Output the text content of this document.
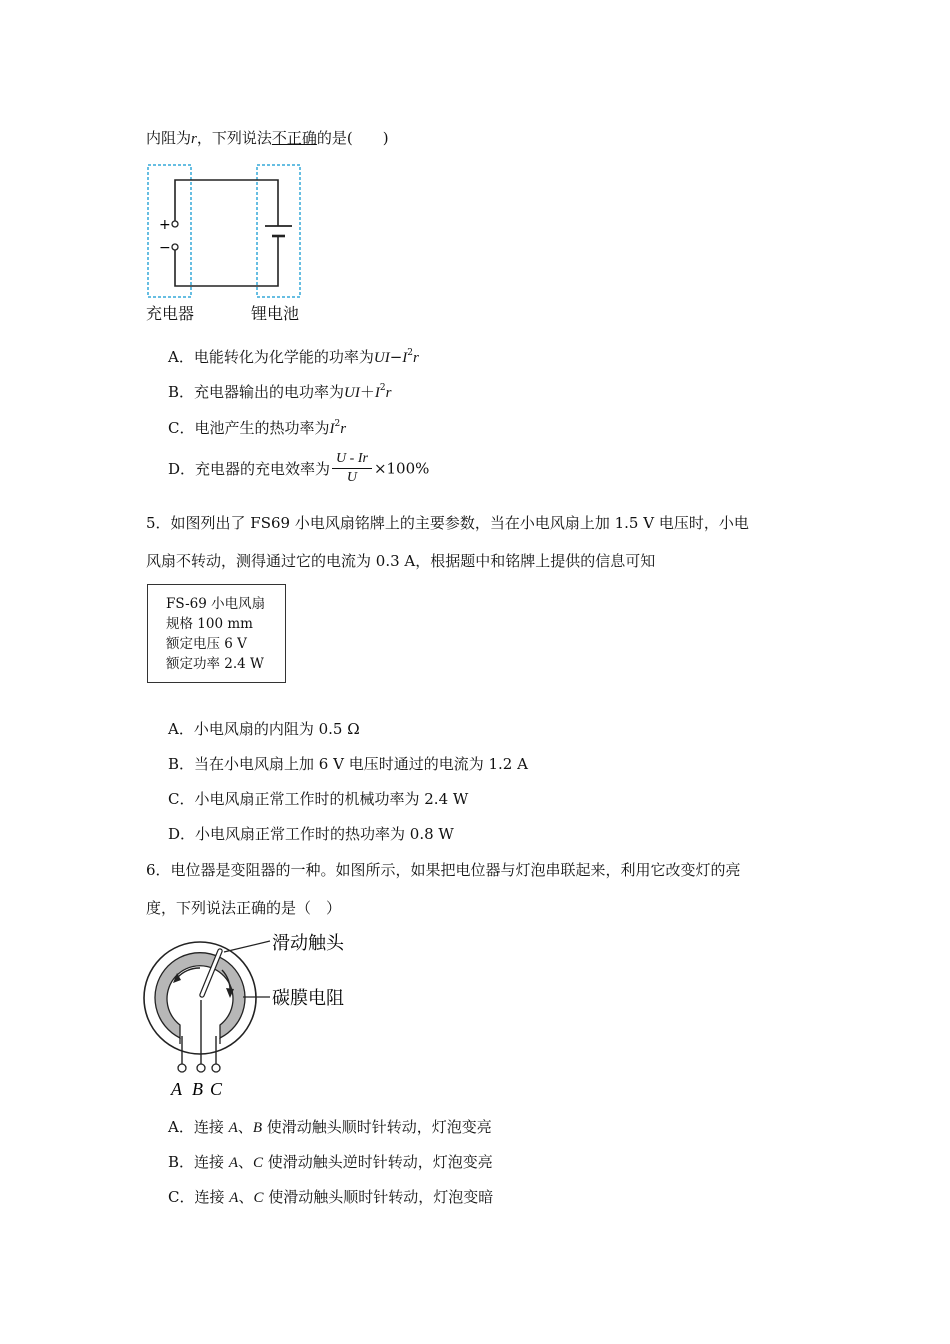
内阻为r，下列说法不正确的是(　　)
+
−
充电器	锂电池
A．电能转化为化学能的功率为$UI-I^2r$
B．充电器输出的电功率为$UI+I^2r$
C．电池产生的热功率为$I^2r$
D．充电器的充电效率为 $\frac{U - Ir}{U} \times 100\%$
5．如图列出了 FS69 小电风扇铭牌上的主要参数，当在小电风扇上加 1.5 V 电压时，小电
风扇不转动，测得通过它的电流为 0.3 A，根据题中和铭牌上提供的信息可知
FS-69 小电风扇
规格 100 mm
额定电压 6 V
额定功率 2.4 W
A．小电风扇的内阻为 0.5 Ω
B．当在小电风扇上加 6 V 电压时通过的电流为 1.2 A
C．小电风扇正常工作时的机械功率为 2.4 W
D．小电风扇正常工作时的热功率为 0.8 W
6．电位器是变阻器的一种。如图所示，如果把电位器与灯泡串联起来，利用它改变灯的亮
度，下列说法正确的是（　）
A B C
滑动触头
碳膜电阻
A．连接 A、B 使滑动触头顺时针转动，灯泡变亮
B．连接 A、C 使滑动触头逆时针转动，灯泡变亮
C．连接 A、C 使滑动触头顺时针转动，灯泡变暗
